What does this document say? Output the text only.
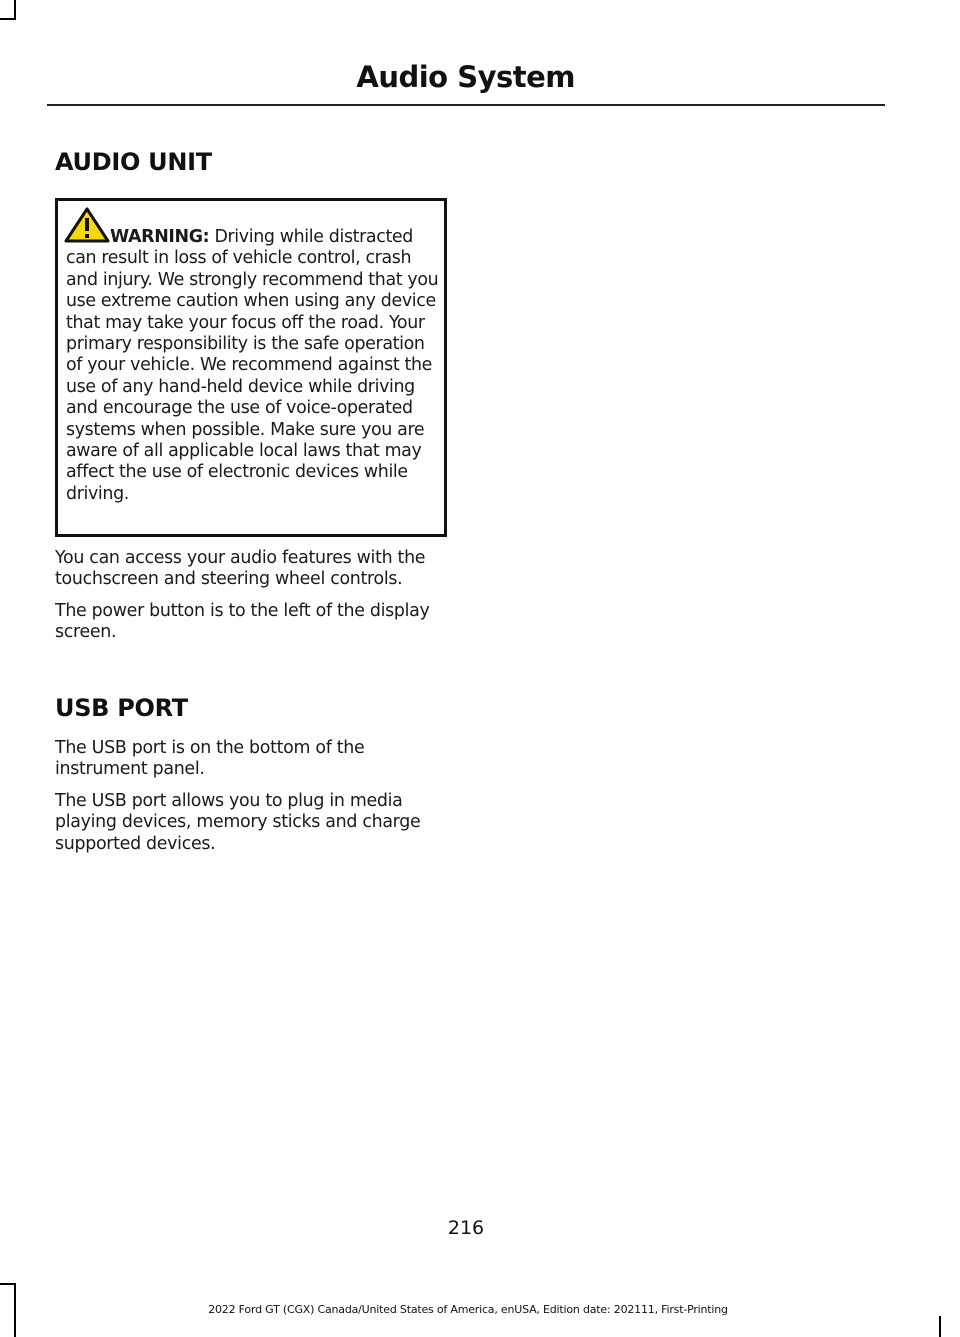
Audio System
AUDIO UNIT
WARNING: Driving while distracted can result in loss of vehicle control, crash and injury. We strongly recommend that you use extreme caution when using any device that may take your focus off the road. Your primary responsibility is the safe operation of your vehicle. We recommend against the use of any hand-held device while driving and encourage the use of voice-operated systems when possible. Make sure you are aware of all applicable local laws that may affect the use of electronic devices while driving.

You can access your audio features with the touchscreen and steering wheel controls.

The power button is to the left of the display screen.

USB PORT

The USB port is on the bottom of the instrument panel.

The USB port allows you to plug in media playing devices, memory sticks and charge supported devices.

216
2022 Ford GT (CGX) Canada/United States of America, enUSA, Edition date: 202111, First-Printing
